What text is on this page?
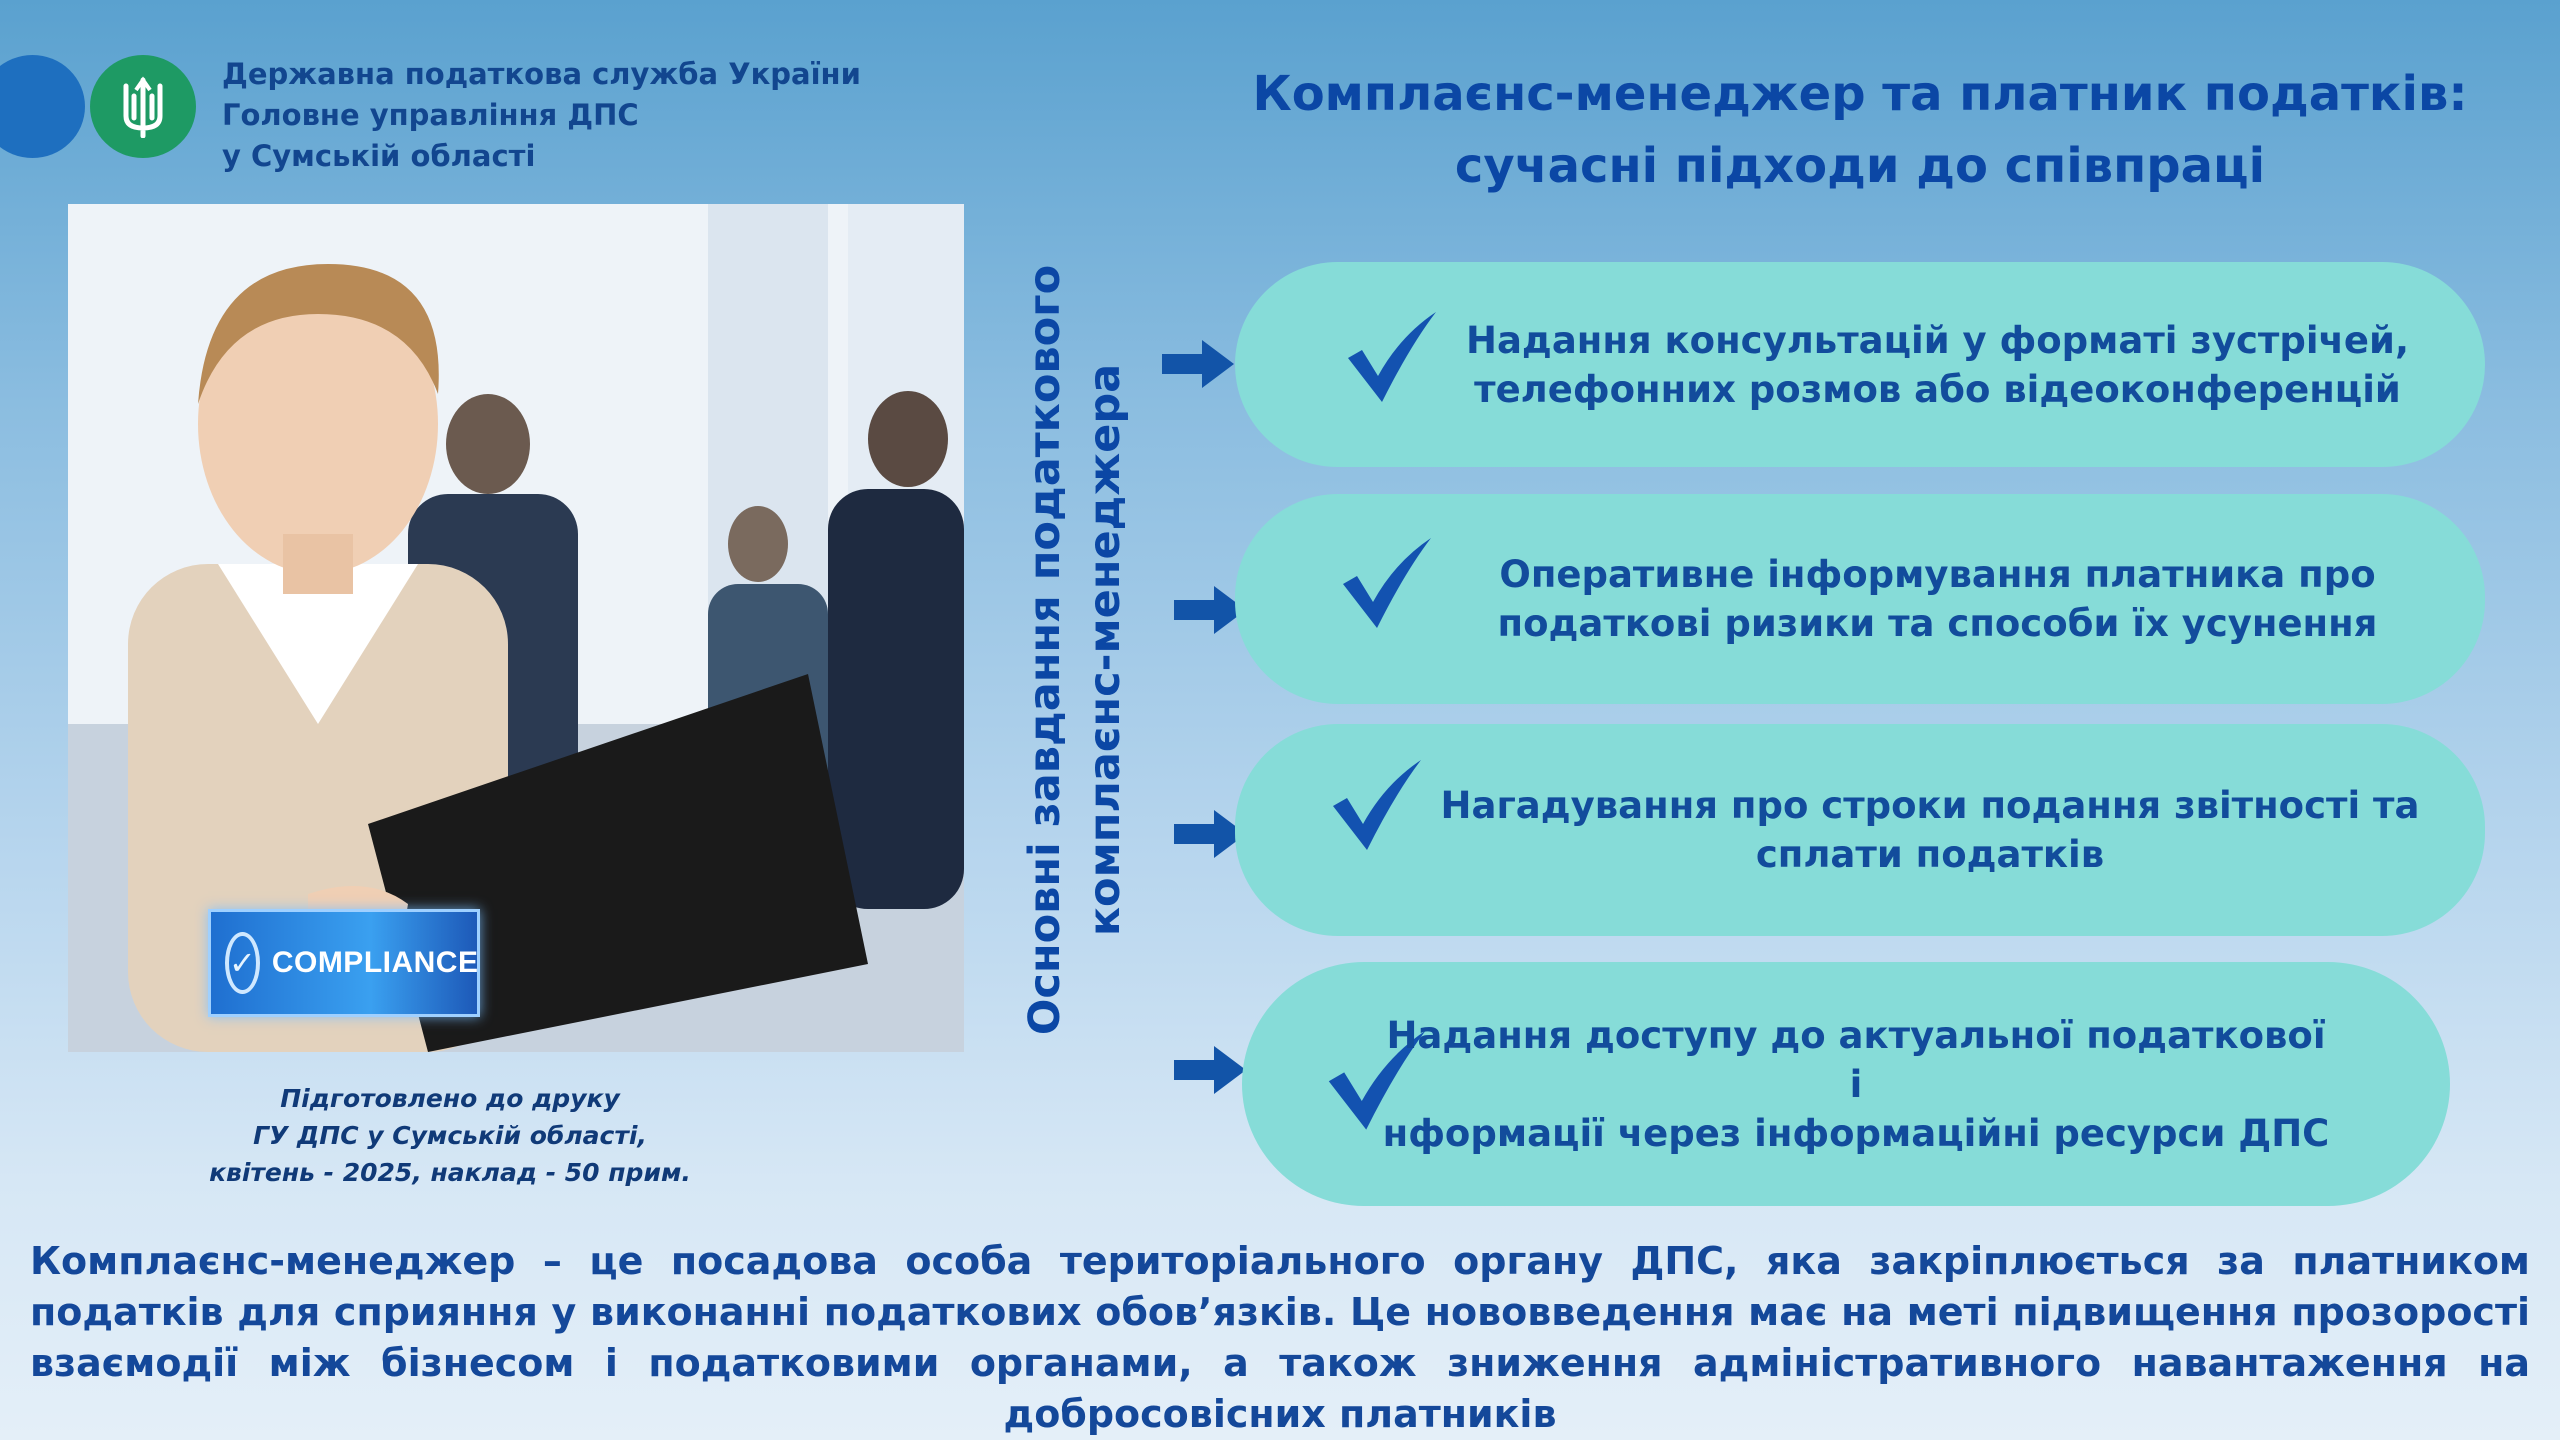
Державна податкова служба України
Головне управління ДПС
у Сумській області
Комплаєнс-менеджер та платник податків:
сучасні підходи до співпраці
✓ COMPLIANCE
Підготовлено до друку
ГУ ДПС у Сумській області,
квітень - 2025, наклад - 50 прим.
Основні завдання податкового комплаєнс-менеджера
Надання консультацій у форматі зустрічей,
телефонних розмов або відеоконференцій
Оперативне інформування платника про
податкові ризики та способи їх усунення
Нагадування про строки подання звітності та
сплати податків
Надання доступу до актуальної податкової і
нформації через інформаційні ресурси ДПС
Комплаєнс-менеджер – це посадова особа територіального органу ДПС, яка закріплюється за платником податків для сприяння у виконанні податкових обов’язків. Це нововведення має на меті підвищення прозорості взаємодії між бізнесом і податковими органами, а також зниження адміністративного навантаження на добросовісних платників
